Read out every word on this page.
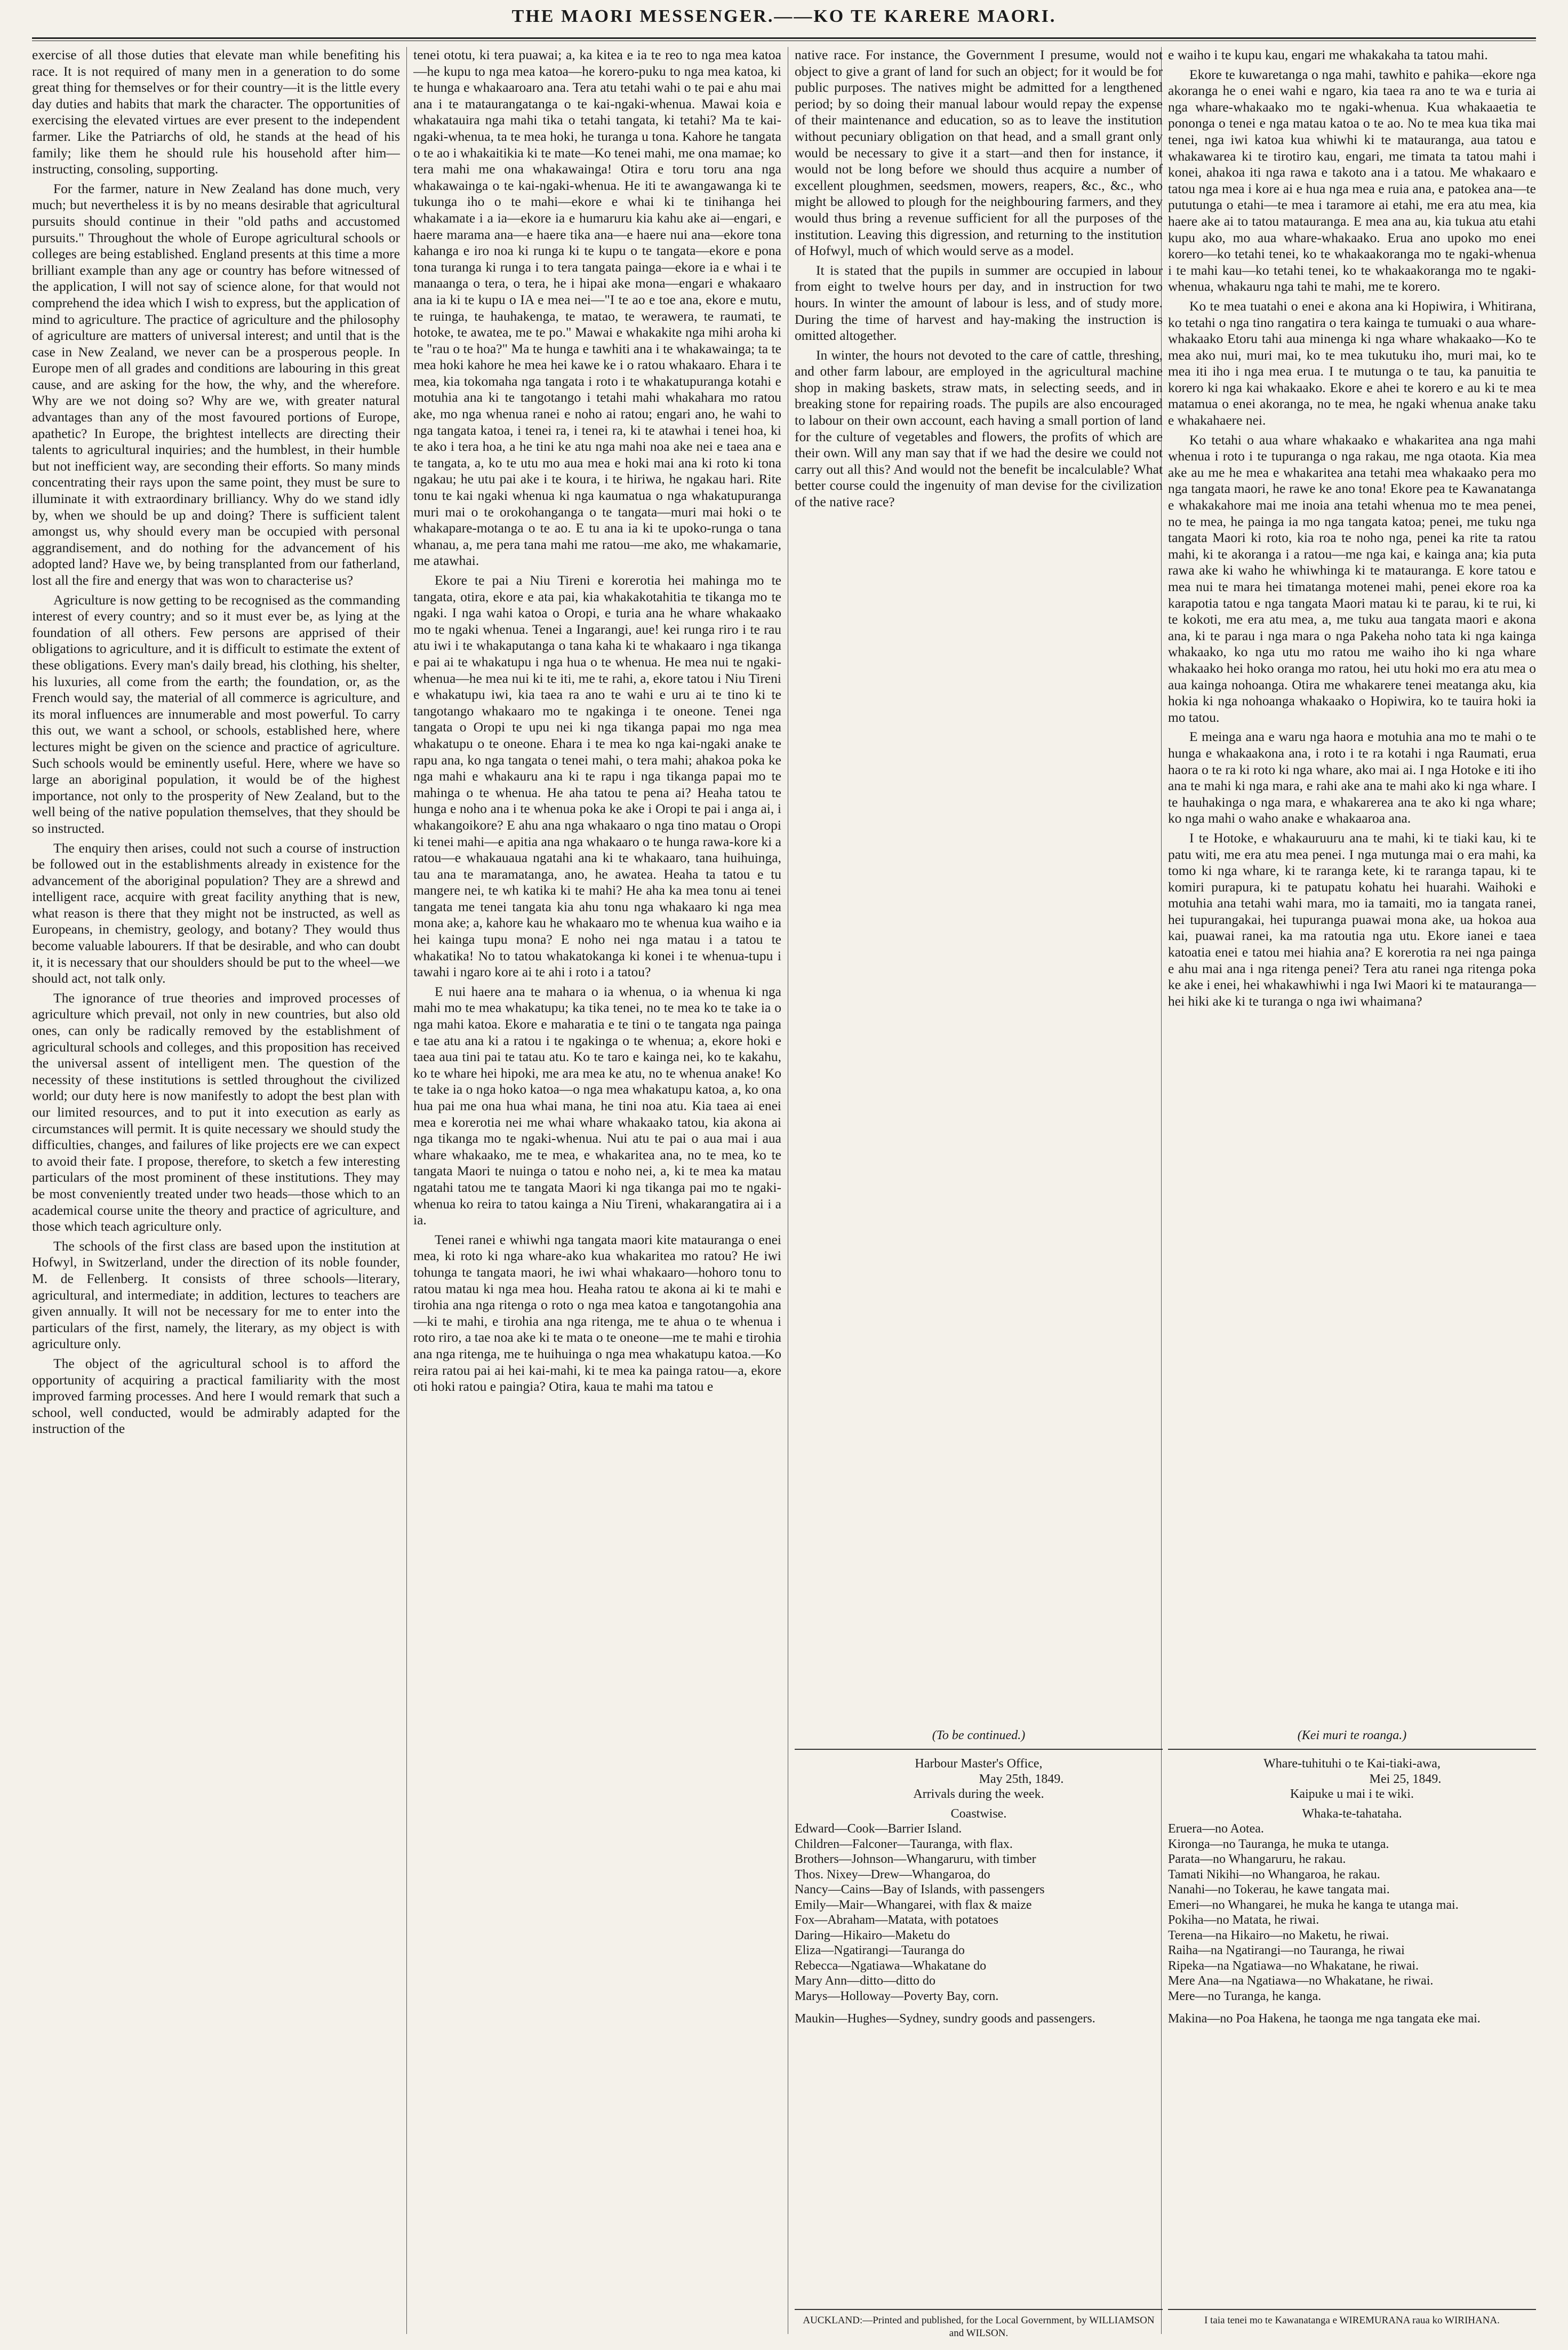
THE MAORI MESSENGER.——KO TE KARERE MAORI.

exercise of all those duties that elevate man while benefiting his race. It is not required of many men in a generation to do some great thing for themselves or for their country—it is the little every day duties and habits that mark the character. The opportunities of exercising the elevated virtues are ever present to the independent farmer. Like the Patriarchs of old, he stands at the head of his family; like them he should rule his household after him—instructing, consoling, supporting.

For the farmer, nature in New Zealand has done much, very much; but nevertheless it is by no means desirable that agricultural pursuits should continue in their "old paths and accustomed pursuits." Throughout the whole of Europe agricultural schools or colleges are being established. England presents at this time a more brilliant example than any age or country has before witnessed of the application, I will not say of science alone, for that would not comprehend the idea which I wish to express, but the application of mind to agriculture. The practice of agriculture and the philosophy of agriculture are matters of universal interest; and until that is the case in New Zealand, we never can be a prosperous people. In Europe men of all grades and conditions are labouring in this great cause, and are asking for the how, the why, and the wherefore. Why are we not doing so? Why are we, with greater natural advantages than any of the most favoured portions of Europe, apathetic? In Europe, the brightest intellects are directing their talents to agricultural inquiries; and the humblest, in their humble but not inefficient way, are seconding their efforts. So many minds concentrating their rays upon the same point, they must be sure to illuminate it with extraordinary brilliancy. Why do we stand idly by, when we should be up and doing? There is sufficient talent amongst us, why should every man be occupied with personal aggrandisement, and do nothing for the advancement of his adopted land? Have we, by being transplanted from our fatherland, lost all the fire and energy that was won to characterise us?

Agriculture is now getting to be recognised as the commanding interest of every country; and so it must ever be, as lying at the foundation of all others. Few persons are apprised of their obligations to agriculture, and it is difficult to estimate the extent of these obligations. Every man's daily bread, his clothing, his shelter, his luxuries, all come from the earth; the foundation, or, as the French would say, the material of all commerce is agriculture, and its moral influences are innumerable and most powerful. To carry this out, we want a school, or schools, established here, where lectures might be given on the science and practice of agriculture. Such schools would be eminently useful. Here, where we have so large an aboriginal population, it would be of the highest importance, not only to the prosperity of New Zealand, but to the well being of the native population themselves, that they should be so instructed.

The enquiry then arises, could not such a course of instruction be followed out in the establishments already in existence for the advancement of the aboriginal population? They are a shrewd and intelligent race, acquire with great facility anything that is new, what reason is there that they might not be instructed, as well as Europeans, in chemistry, geology, and botany? They would thus become valuable labourers. If that be desirable, and who can doubt it, it is necessary that our shoulders should be put to the wheel—we should act, not talk only.

The ignorance of true theories and improved processes of agriculture which prevail, not only in new countries, but also old ones, can only be radically removed by the establishment of agricultural schools and colleges, and this proposition has received the universal assent of intelligent men. The question of the necessity of these institutions is settled throughout the civilized world; our duty here is now manifestly to adopt the best plan with our limited resources, and to put it into execution as early as circumstances will permit. It is quite necessary we should study the difficulties, changes, and failures of like projects ere we can expect to avoid their fate. I propose, therefore, to sketch a few interesting particulars of the most prominent of these institutions. They may be most conveniently treated under two heads—those which to an academical course unite the theory and practice of agriculture, and those which teach agriculture only.

The schools of the first class are based upon the institution at Hofwyl, in Switzerland, under the direction of its noble founder, M. de Fellenberg. It consists of three schools—literary, agricultural, and intermediate; in addition, lectures to teachers are given annually. It will not be necessary for me to enter into the particulars of the first, namely, the literary, as my object is with agriculture only.

The object of the agricultural school is to afford the opportunity of acquiring a practical familiarity with the most improved farming processes. And here I would remark that such a school, well conducted, would be admirably adapted for the instruction of the

tenei ototu, ki tera puawai; a, ka kitea e ia te reo to nga mea katoa—he kupu to nga mea katoa—he korero-puku to nga mea katoa, ki te hunga e whakaaroaro ana. Tera atu tetahi wahi o te pai e ahu mai ana i te mataurangatanga o te kai-ngaki-whenua. Mawai koia e whakatauira nga mahi tika o tetahi tangata, ki tetahi? Ma te kai-ngaki-whenua, ta te mea hoki, he turanga u tona. Kahore he tangata o te ao i whakaitikia ki te mate—Ko tenei mahi, me ona mamae; ko tera mahi me ona whakawainga! Otira e toru toru ana nga whakawainga o te kai-ngaki-whenua. He iti te awangawanga ki te tukunga iho o te mahi—ekore e whai ki te tinihanga hei whakamate i a ia—ekore ia e humaruru kia kahu ake ai—engari, e haere marama ana—e haere tika ana—e haere nui ana—ekore tona kahanga e iro noa ki runga ki te kupu o te tangata—ekore e pona tona turanga ki runga i to tera tangata painga—ekore ia e whai i te manaanga o tera, o tera, he i hipai ake mona—engari e whakaaro ana ia ki te kupu o IA e mea nei—"I te ao e toe ana, ekore e mutu, te ruinga, te hauhakenga, te matao, te werawera, te raumati, te hotoke, te awatea, me te po." Mawai e whakakite nga mihi aroha ki te "rau o te hoa?" Ma te hunga e tawhiti ana i te whakawainga; ta te mea hoki kahore he mea hei kawe ke i o ratou whakaaro. Ehara i te mea, kia tokomaha nga tangata i roto i te whakatupuranga kotahi e motuhia ana ki te tangotango i tetahi mahi whakahara mo ratou ake, mo nga whenua ranei e noho ai ratou; engari ano, he wahi to nga tangata katoa, i tenei ra, i tenei ra, ki te atawhai i tenei hoa, ki te ako i tera hoa, a he tini ke atu nga mahi noa ake nei e taea ana e te tangata, a, ko te utu mo aua mea e hoki mai ana ki roto ki tona ngakau; he utu pai ake i te koura, i te hiriwa, he ngakau hari. Rite tonu te kai ngaki whenua ki nga kaumatua o nga whakatupuranga muri mai o te orokohanganga o te tangata—muri mai hoki o te whakapare-motanga o te ao. E tu ana ia ki te upoko-runga o tana whanau, a, me pera tana mahi me ratou—me ako, me whakamarie, me atawhai.

Ekore te pai a Niu Tireni e korerotia hei mahinga mo te tangata, otira, ekore e ata pai, kia whakakotahitia te tikanga mo te ngaki. I nga wahi katoa o Oropi, e turia ana he whare whakaako mo te ngaki whenua. Tenei a Ingarangi, aue! kei runga riro i te rau atu iwi i te whakaputanga o tana kaha ki te whakaaro i nga tikanga e pai ai te whakatupu i nga hua o te whenua. He mea nui te ngaki-whenua—he mea nui ki te iti, me te rahi, a, ekore tatou i Niu Tireni e whakatupu iwi, kia taea ra ano te wahi e uru ai te tino ki te tangotango whakaaro mo te ngakinga i te oneone. Tenei nga tangata o Oropi te upu nei ki nga tikanga papai mo nga mea whakatupu o te oneone. Ehara i te mea ko nga kai-ngaki anake te rapu ana, ko nga tangata o tenei mahi, o tera mahi; ahakoa poka ke nga mahi e whakauru ana ki te rapu i nga tikanga papai mo te mahinga o te whenua. He aha tatou te pena ai? Heaha tatou te hunga e noho ana i te whenua poka ke ake i Oropi te pai i anga ai, i whakangoikore? E ahu ana nga whakaaro o nga tino matau o Oropi ki tenei mahi—e apitia ana nga whakaaro o te hunga rawa-kore ki a ratou—e whakauaua ngatahi ana ki te whakaaro, tana huihuinga, tau ana te maramatanga, ano, he awatea. Heaha ta tatou e tu mangere nei, te wh katika ki te mahi? He aha ka mea tonu ai tenei tangata me tenei tangata kia ahu tonu nga whakaaro ki nga mea mona ake; a, kahore kau he whakaaro mo te whenua kua waiho e ia hei kainga tupu mona? E noho nei nga matau i a tatou te whakatika! No to tatou whakatokanga ki konei i te whenua-tupu i tawahi i ngaro kore ai te ahi i roto i a tatou?

E nui haere ana te mahara o ia whenua, o ia whenua ki nga mahi mo te mea whakatupu; ka tika tenei, no te mea ko te take ia o nga mahi katoa. Ekore e maharatia e te tini o te tangata nga painga e tae atu ana ki a ratou i te ngakinga o te whenua; a, ekore hoki e taea aua tini pai te tatau atu. Ko te taro e kainga nei, ko te kakahu, ko te whare hei hipoki, me ara mea ke atu, no te whenua anake! Ko te take ia o nga hoko katoa—o nga mea whakatupu katoa, a, ko ona hua pai me ona hua whai mana, he tini noa atu. Kia taea ai enei mea e korerotia nei me whai whare whakaako tatou, kia akona ai nga tikanga mo te ngaki-whenua. Nui atu te pai o aua mai i aua whare whakaako, me te mea, e whakaritea ana, no te mea, ko te tangata Maori te nuinga o tatou e noho nei, a, ki te mea ka matau ngatahi tatou me te tangata Maori ki nga tikanga pai mo te ngaki-whenua ko reira to tatou kainga a Niu Tireni, whakarangatira ai i a ia.

Tenei ranei e whiwhi nga tangata maori kite matauranga o enei mea, ki roto ki nga whare-ako kua whakaritea mo ratou? He iwi tohunga te tangata maori, he iwi whai whakaaro—hohoro tonu to ratou matau ki nga mea hou. Heaha ratou te akona ai ki te mahi e tirohia ana nga ritenga o roto o nga mea katoa e tangotangohia ana—ki te mahi, e tirohia ana nga ritenga, me te ahua o te whenua i roto riro, a tae noa ake ki te mata o te oneone—me te mahi e tirohia ana nga ritenga, me te huihuinga o nga mea whakatupu katoa.—Ko reira ratou pai ai hei kai-mahi, ki te mea ka painga ratou—a, ekore oti hoki ratou e paingia? Otira, kaua te mahi ma tatou e

native race. For instance, the Government I presume, would not object to give a grant of land for such an object; for it would be for public purposes. The natives might be admitted for a lengthened period; by so doing their manual labour would repay the expense of their maintenance and education, so as to leave the institution without pecuniary obligation on that head, and a small grant only would be necessary to give it a start—and then for instance, it would not be long before we should thus acquire a number of excellent ploughmen, seedsmen, mowers, reapers, &c., &c., who might be allowed to plough for the neighbouring farmers, and they would thus bring a revenue sufficient for all the purposes of the institution. Leaving this digression, and returning to the institution of Hofwyl, much of which would serve as a model.

It is stated that the pupils in summer are occupied in labour from eight to twelve hours per day, and in instruction for two hours. In winter the amount of labour is less, and of study more. During the time of harvest and hay-making the instruction is omitted altogether.

In winter, the hours not devoted to the care of cattle, threshing, and other farm labour, are employed in the agricultural machine shop in making baskets, straw mats, in selecting seeds, and in breaking stone for repairing roads. The pupils are also encouraged to labour on their own account, each having a small portion of land for the culture of vegetables and flowers, the profits of which are their own. Will any man say that if we had the desire we could not carry out all this? And would not the benefit be incalculable? What better course could the ingenuity of man devise for the civilization of the native race?

e waiho i te kupu kau, engari me whakakaha ta tatou mahi.

Ekore te kuwaretanga o nga mahi, tawhito e pahika—ekore nga akoranga he o enei wahi e ngaro, kia taea ra ano te wa e turia ai nga whare-whakaako mo te ngaki-whenua. Kua whakaaetia te pononga o tenei e nga matau katoa o te ao. No te mea kua tika mai tenei, nga iwi katoa kua whiwhi ki te matauranga, aua tatou e whakawarea ki te tirotiro kau, engari, me timata ta tatou mahi i konei, ahakoa iti nga rawa e takoto ana i a tatou. Me whakaaro e tatou nga mea i kore ai e hua nga mea e ruia ana, e patokea ana—te pututunga o etahi—te mea i taramore ai etahi, me era atu mea, kia haere ake ai to tatou matauranga. E mea ana au, kia tukua atu etahi kupu ako, mo aua whare-whakaako. Erua ano upoko mo enei korero—ko tetahi tenei, ko te whakaakoranga mo te ngaki-whenua i te mahi kau—ko tetahi tenei, ko te whakaakoranga mo te ngaki-whenua, whakauru nga tahi te mahi, me te korero.

Ko te mea tuatahi o enei e akona ana ki Hopiwira, i Whitirana, ko tetahi o nga tino rangatira o tera kainga te tumuaki o aua whare-whakaako Etoru tahi aua minenga ki nga whare whakaako—Ko te mea ako nui, muri mai, ko te mea tukutuku iho, muri mai, ko te mea iti iho i nga mea erua. I te mutunga o te tau, ka panuitia te korero ki nga kai whakaako. Ekore e ahei te korero e au ki te mea matamua o enei akoranga, no te mea, he ngaki whenua anake taku e whakahaere nei.

Ko tetahi o aua whare whakaako e whakaritea ana nga mahi whenua i roto i te tupuranga o nga rakau, me nga otaota. Kia mea ake au me he mea e whakaritea ana tetahi mea whakaako pera mo nga tangata maori, he rawe ke ano tona! Ekore pea te Kawanatanga e whakakahore mai me inoia ana tetahi whenua mo te mea penei, no te mea, he painga ia mo nga tangata katoa; penei, me tuku nga tangata Maori ki roto, kia roa te noho nga, penei ka rite ta ratou mahi, ki te akoranga i a ratou—me nga kai, e kainga ana; kia puta rawa ake ki waho he whiwhinga ki te matauranga. E kore tatou e mea nui te mara hei timatanga motenei mahi, penei ekore roa ka karapotia tatou e nga tangata Maori matau ki te parau, ki te rui, ki te kokoti, me era atu mea, a, me tuku aua tangata maori e akona ana, ki te parau i nga mara o nga Pakeha noho tata ki nga kainga whakaako, ko nga utu mo ratou me waiho iho ki nga whare whakaako hei hoko oranga mo ratou, hei utu hoki mo era atu mea o aua kainga nohoanga. Otira me whakarere tenei meatanga aku, kia hokia ki nga nohoanga whakaako o Hopiwira, ko te tauira hoki ia mo tatou.

E meinga ana e waru nga haora e motuhia ana mo te mahi o te hunga e whakaakona ana, i roto i te ra kotahi i nga Raumati, erua haora o te ra ki roto ki nga whare, ako mai ai. I nga Hotoke e iti iho ana te mahi ki nga mara, e rahi ake ana te mahi ako ki nga whare. I te hauhakinga o nga mara, e whakarerea ana te ako ki nga whare; ko nga mahi o waho anake e whakaaroa ana.

I te Hotoke, e whakauruuru ana te mahi, ki te tiaki kau, ki te patu witi, me era atu mea penei. I nga mutunga mai o era mahi, ka tomo ki nga whare, ki te raranga kete, ki te raranga tapau, ki te komiri purapura, ki te patupatu kohatu hei huarahi. Waihoki e motuhia ana tetahi wahi mara, mo ia tamaiti, mo ia tangata ranei, hei tupurangakai, hei tupuranga puawai mona ake, ua hokoa aua kai, puawai ranei, ka ma ratoutia nga utu. Ekore ianei e taea katoatia enei e tatou mei hiahia ana? E korerotia ra nei nga painga e ahu mai ana i nga ritenga penei? Tera atu ranei nga ritenga poka ke ake i enei, hei whakawhiwhi i nga Iwi Maori ki te matauranga—hei hiki ake ki te turanga o nga iwi whaimana?

(To be continued.)	(Kei muri te roanga.)
Harbour Master's Office,
May 25th, 1849.
Arrivals during the week.
Coastwise.
Edward—Cook—Barrier Island.
Children—Falconer—Tauranga, with flax.
Brothers—Johnson—Whangaruru, with timber
Thos. Nixey—Drew—Whangaroa, do
Nancy—Cains—Bay of Islands, with passengers
Emily—Mair—Whangarei, with flax & maize
Fox—Abraham—Matata, with potatoes
Daring—Hikairo—Maketu do
Eliza—Ngatirangi—Tauranga do
Rebecca—Ngatiawa—Whakatane do
Mary Ann—ditto—ditto do
Marys—Holloway—Poverty Bay, corn.
Maukin—Hughes—Sydney, sundry goods and passengers.
Whare-tuhituhi o te Kai-tiaki-awa,
Mei 25, 1849.
Kaipuke u mai i te wiki.
Whaka-te-tahataha.
Eruera—no Aotea.
Kironga—no Tauranga, he muka te utanga.
Parata—no Whangaruru, he rakau.
Tamati Nikihi—no Whangaroa, he rakau.
Nanahi—no Tokerau, he kawe tangata mai.
Emeri—no Whangarei, he muka he kanga te utanga mai.
Pokiha—no Matata, he riwai.
Terena—na Hikairo—no Maketu, he riwai.
Raiha—na Ngatirangi—no Tauranga, he riwai
Ripeka—na Ngatiawa—no Whakatane, he riwai.
Mere Ana—na Ngatiawa—no Whakatane, he riwai.
Mere—no Turanga, he kanga.
Makina—no Poa Hakena, he taonga me nga tangata eke mai.
AUCKLAND:—Printed and published, for the Local Government, by WILLIAMSON and WILSON.
I taia tenei mo te Kawanatanga e WIREMURANA raua ko WIRIHANA.
